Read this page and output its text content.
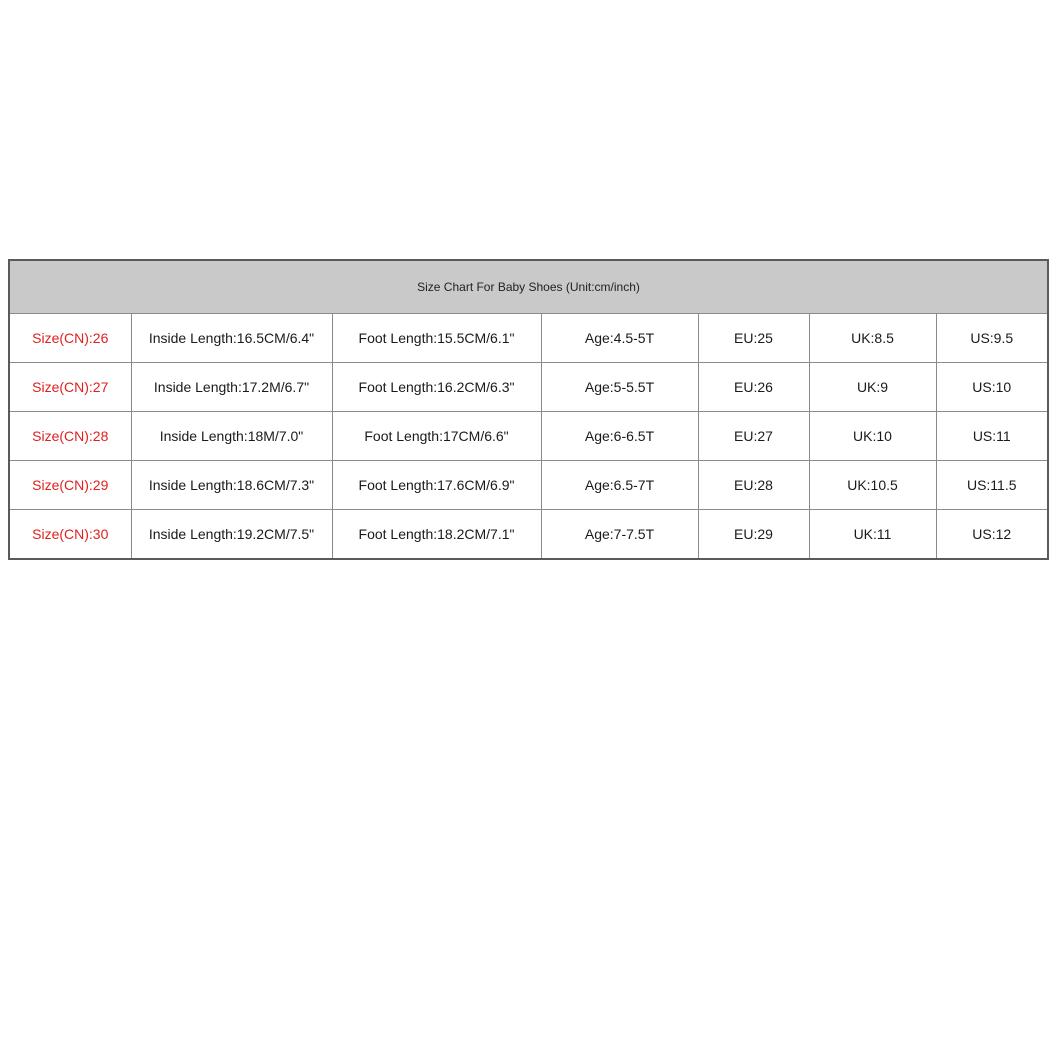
Size Chart For Baby Shoes (Unit:cm/inch)
Size(CN):26	Inside Length:16.5CM/6.4"	Foot Length:15.5CM/6.1"	Age:4.5-5T	EU:25	UK:8.5	US:9.5
Size(CN):27	Inside Length:17.2M/6.7"	Foot Length:16.2CM/6.3"	Age:5-5.5T	EU:26	UK:9	US:10
Size(CN):28	Inside Length:18M/7.0"	Foot Length:17CM/6.6"	Age:6-6.5T	EU:27	UK:10	US:11
Size(CN):29	Inside Length:18.6CM/7.3"	Foot Length:17.6CM/6.9"	Age:6.5-7T	EU:28	UK:10.5	US:11.5
Size(CN):30	Inside Length:19.2CM/7.5"	Foot Length:18.2CM/7.1"	Age:7-7.5T	EU:29	UK:11	US:12
